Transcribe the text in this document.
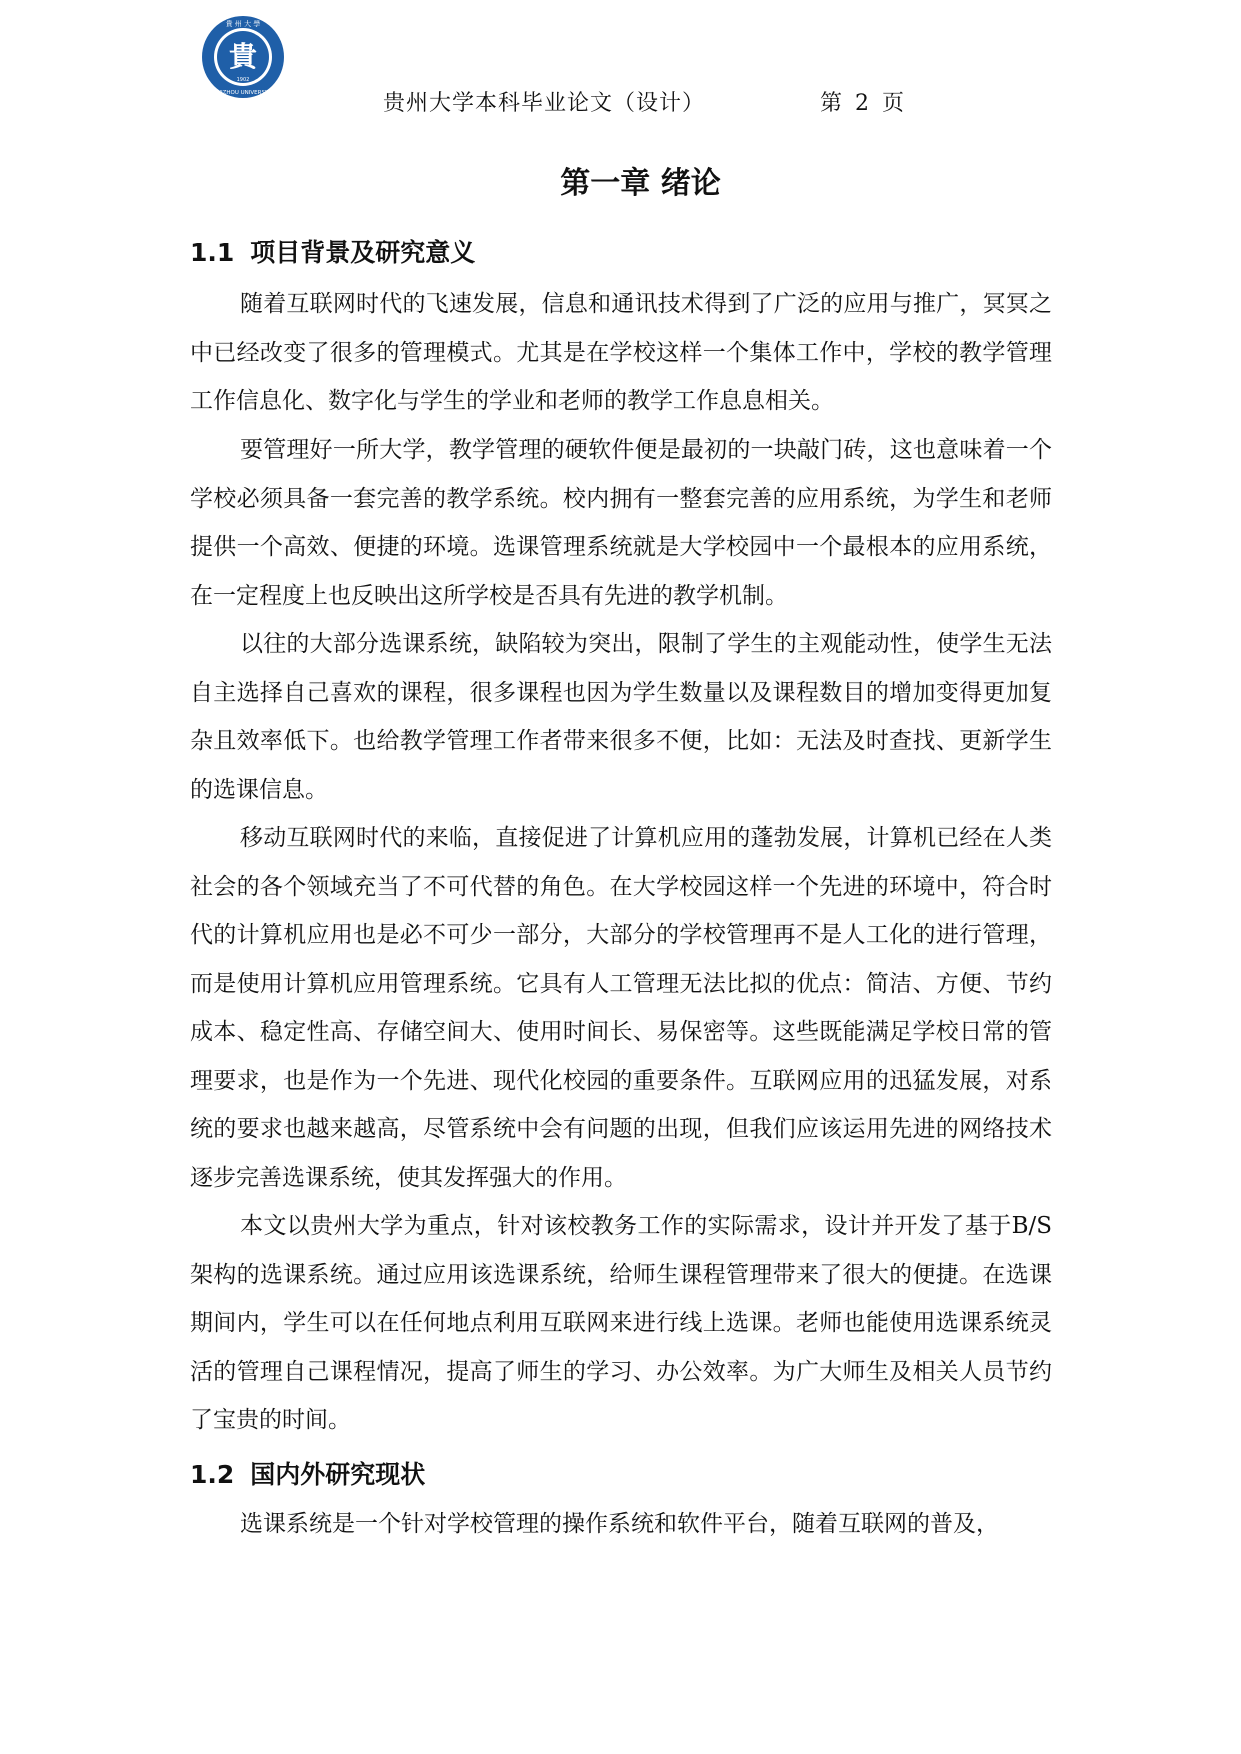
貴
貴 州 大 學
GUIZHOU UNIVERSITY
1902
贵州大学本科毕业论文（设计）	第 2 页
第一章 绪论
1.1 项目背景及研究意义

随着互联网时代的飞速发展，信息和通讯技术得到了广泛的应用与推广，冥冥之中已经改变了很多的管理模式。尤其是在学校这样一个集体工作中，学校的教学管理工作信息化、数字化与学生的学业和老师的教学工作息息相关。

要管理好一所大学，教学管理的硬软件便是最初的一块敲门砖，这也意味着一个学校必须具备一套完善的教学系统。校内拥有一整套完善的应用系统，为学生和老师提供一个高效、便捷的环境。选课管理系统就是大学校园中一个最根本的应用系统，在一定程度上也反映出这所学校是否具有先进的教学机制。

以往的大部分选课系统，缺陷较为突出，限制了学生的主观能动性，使学生无法自主选择自己喜欢的课程，很多课程也因为学生数量以及课程数目的增加变得更加复杂且效率低下。也给教学管理工作者带来很多不便，比如：无法及时查找、更新学生的选课信息。

移动互联网时代的来临，直接促进了计算机应用的蓬勃发展，计算机已经在人类社会的各个领域充当了不可代替的角色。在大学校园这样一个先进的环境中，符合时代的计算机应用也是必不可少一部分，大部分的学校管理再不是人工化的进行管理，而是使用计算机应用管理系统。它具有人工管理无法比拟的优点：简洁、方便、节约成本、稳定性高、存储空间大、使用时间长、易保密等。这些既能满足学校日常的管理要求，也是作为一个先进、现代化校园的重要条件。互联网应用的迅猛发展，对系统的要求也越来越高，尽管系统中会有问题的出现，但我们应该运用先进的网络技术逐步完善选课系统，使其发挥强大的作用。

本文以贵州大学为重点，针对该校教务工作的实际需求，设计并开发了基于B/S架构的选课系统。通过应用该选课系统，给师生课程管理带来了很大的便捷。在选课期间内，学生可以在任何地点利用互联网来进行线上选课。老师也能使用选课系统灵活的管理自己课程情况，提高了师生的学习、办公效率。为广大师生及相关人员节约了宝贵的时间。

1.2 国内外研究现状

选课系统是一个针对学校管理的操作系统和软件平台，随着互联网的普及，
